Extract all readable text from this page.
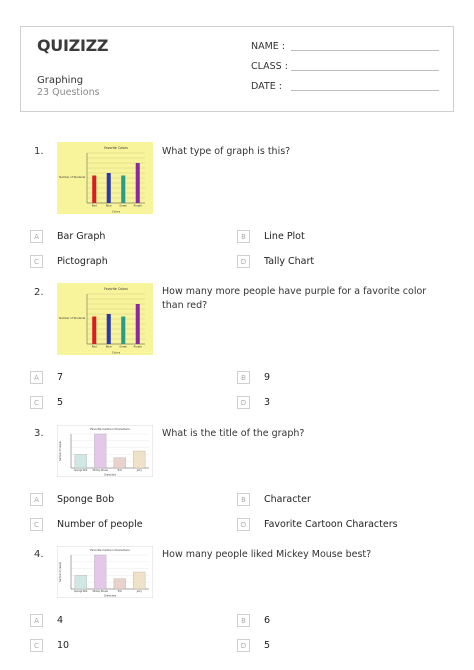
QUIZIZZ
Graphing
23 Questions
NAME :
CLASS :
DATE :
1.	Favorite Colors
Number of Students
Red	Blue	Green Purple
Colors
What type of graph is this?
A	Bar Graph	B	Line Plot
C	Pictograph	D	Tally Chart
2.	Favorite Colors
Number of Students
Red	Blue	Green Purple
Colors
How many more people have purple for a favorite color than red?
A	7	B	9
C	5	D	3
3.	Favorite Cartoon Characters
Number of people
Sponge Bob Mickey Mouse	Tom	Jerry
Characters
What is the title of the graph?
A	Sponge Bob	B	Character
C	Number of people	D	Favorite Cartoon Characters
4.	Favorite Cartoon Characters
Number of people
Sponge Bob Mickey Mouse	Tom	Jerry
Characters
How many people liked Mickey Mouse best?
A	4	B	6
C	10	D	5
